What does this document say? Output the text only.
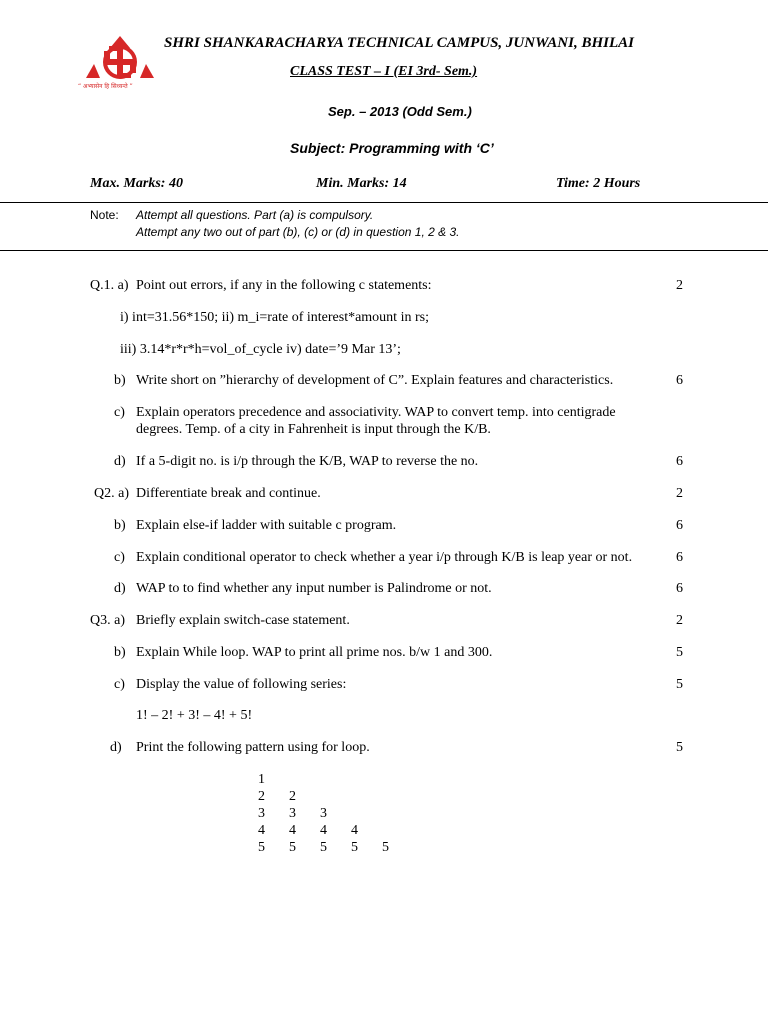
“ अभ्यासेन हि सिध्यन्ते ”
SHRI SHANKARACHARYA TECHNICAL CAMPUS, JUNWANI, BHILAI
CLASS TEST – I (EI 3rd- Sem.)
Sep. – 2013 (Odd Sem.)
Subject: Programming with ‘C’
Max. Marks: 40	Min. Marks: 14	Time: 2 Hours
Note: Attempt all questions. Part (a) is compulsory.
Attempt any two out of part (b), (c) or (d) in question 1, 2 & 3.
Q.1. a) Point out errors, if any in the following c statements:	2
i) int=31.56*150; ii) m_i=rate of interest*amount in rs;
iii) 3.14*r*r*h=vol_of_cycle iv) date=’9 Mar 13’;
b) Write short on ”hierarchy of development of C”. Explain features and characteristics.	6
c) Explain operators precedence and associativity. WAP to convert temp. into centigrade
degrees. Temp. of a city in Fahrenheit is input through the K/B.
d) If a 5-digit no. is i/p through the K/B, WAP to reverse the no.	6
Q2. a) Differentiate break and continue.	2
b) Explain else-if ladder with suitable c program.	6
c) Explain conditional operator to check whether a year i/p through K/B is leap year or not.	6
d) WAP to to find whether any input number is Palindrome or not.	6
Q3. a) Briefly explain switch-case statement.	2
b) Explain While loop. WAP to print all prime nos. b/w 1 and 300.	5
c) Display the value of following series:	5
1! – 2! + 3! – 4! + 5!
d) Print the following pattern using for loop.	5
1
2 2
3 3 3
4 4 4 4
5 5 5 5 5
